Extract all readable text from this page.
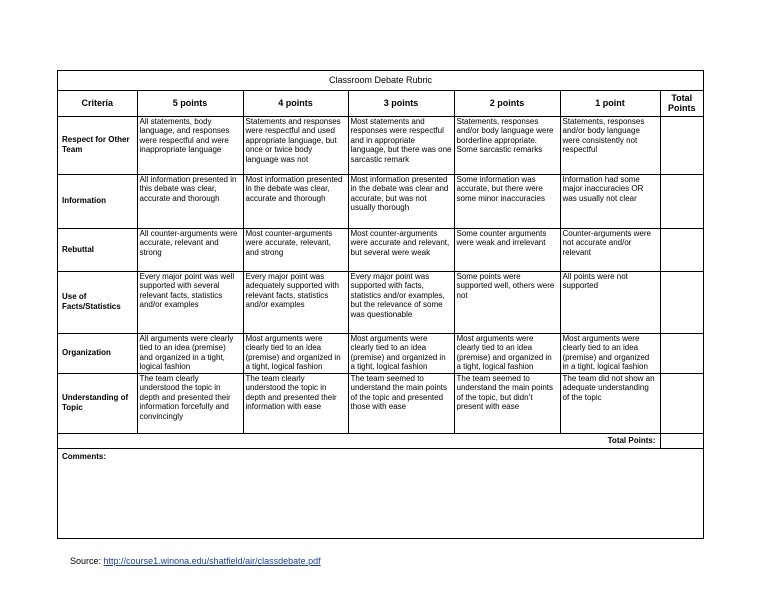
Classroom Debate Rubric
Criteria	5 points	4 points	3 points	2 points	1 point	Total Points
Respect for Other Team	All statements, body language, and responses were respectful and were inappropriate language	Statements and responses were respectful and used appropriate language, but once or twice body language was not	Most statements and responses were respectful and in appropriate language, but there was one sarcastic remark	Statements, responses and/or body language were borderline appropriate. Some sarcastic remarks	Statements, responses and/or body language were consistently not respectful	
Information	All information presented in this debate was clear, accurate and thorough	Most information presented in the debate was clear, accurate and thorough	Most information presented in the debate was clear and accurate, but was not usually thorough	Some information was accurate, but there were some minor inaccuracies	Information had some major inaccuracies OR was usually not clear	
Rebuttal	All counter-arguments were accurate, relevant and strong	Most counter-arguments were accurate, relevant, and strong	Most counter-arguments were accurate and relevant, but several were weak	Some counter arguments were weak and irrelevant	Counter-arguments were not accurate and/or relevant	
Use of Facts/Statistics	Every major point was well supported with several relevant facts, statistics and/or examples	Every major point was adequately supported with relevant facts, statistics and/or examples	Every major point was supported with facts, statistics and/or examples, but the relevance of some was questionable	Some points were supported well, others were not	All points were not supported	
Organization	All arguments were clearly tied to an idea (premise) and organized in a tight, logical fashion	Most arguments were clearly tied to an idea (premise) and organized in a tight, logical fashion	Most arguments were clearly tied to an idea (premise) and organized in a tight, logical fashion	Most arguments were clearly tied to an idea (premise) and organized in a tight, logical fashion	Most arguments were clearly tied to an idea (premise) and organized in a tight, logical fashion	
Understanding of Topic	The team clearly understood the topic in depth and presented their information forcefully and convincingly	The team clearly understood the topic in depth and presented their information with ease	The team seemed to understand the main points of the topic and presented those with ease	The team seemed to understand the main points of the topic, but didn’t present with ease	The team did not show an adequate understanding of the topic	
Total Points:						
Comments:
Source: http://course1.winona.edu/shatfield/air/classdebate.pdf
